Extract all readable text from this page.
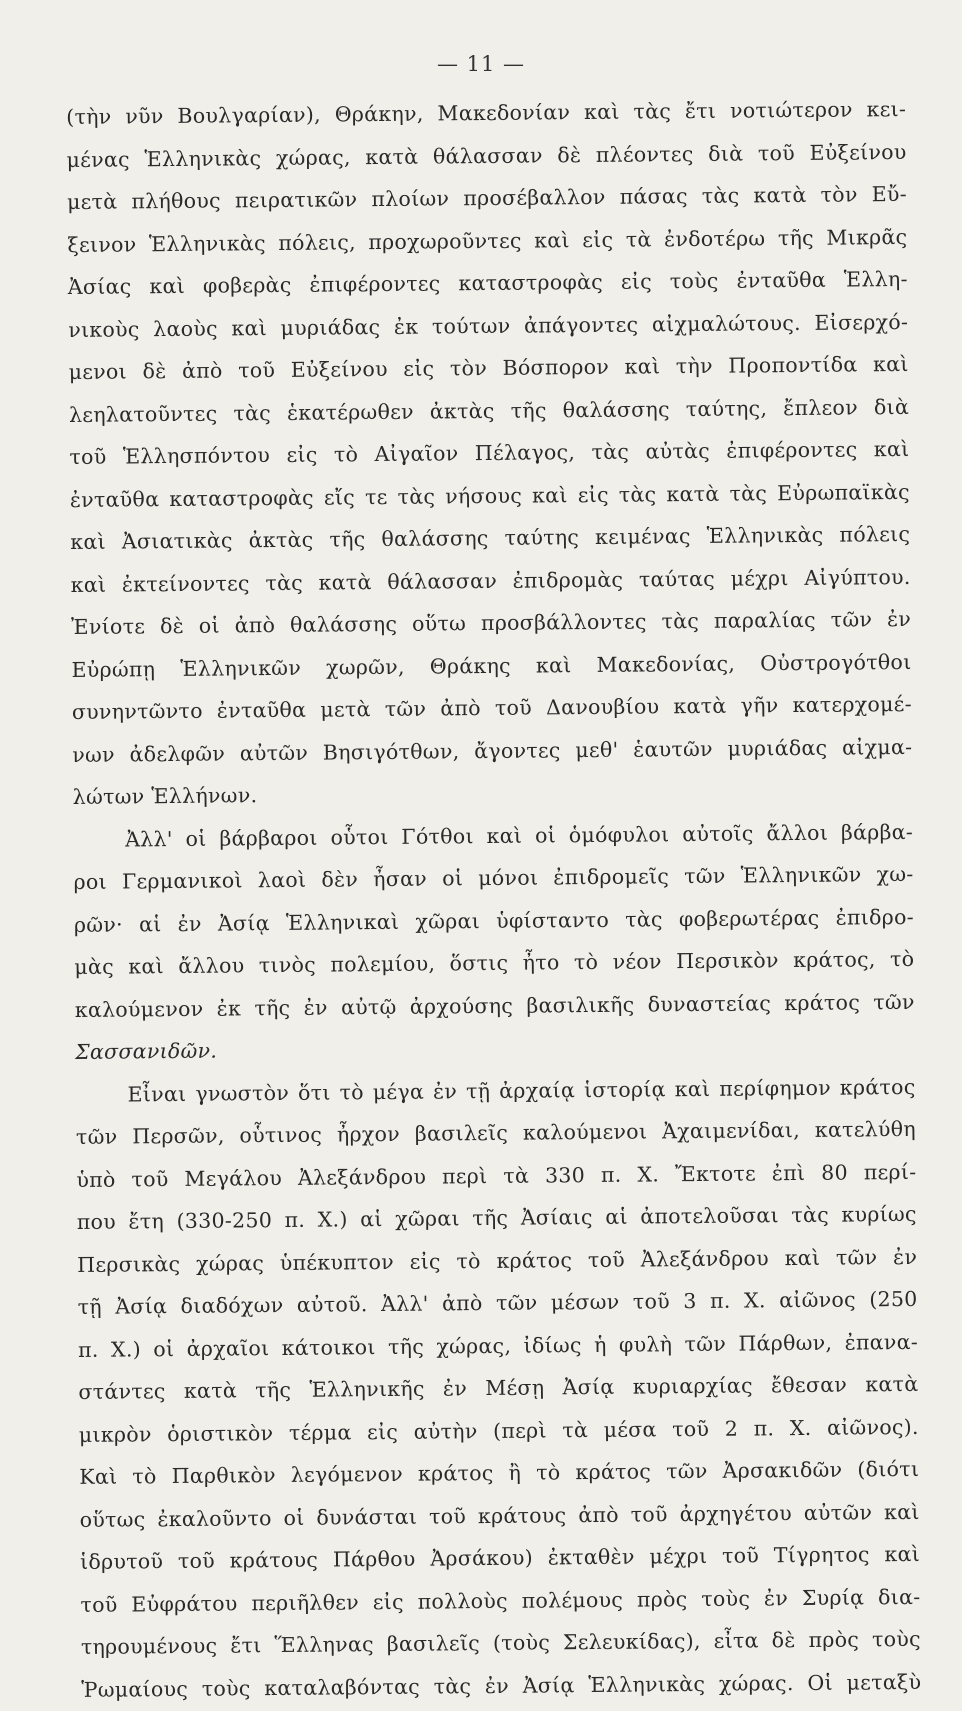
— 11 —
(τὴν νῦν Βουλγαρίαν), Θράκην, Μακεδονίαν καὶ τὰς ἔτι νοτιώτερον κει-
μένας Ἑλληνικὰς χώρας, κατὰ θάλασσαν δὲ πλέοντες διὰ τοῦ Εὐξείνου
μετὰ πλήθους πειρατικῶν πλοίων προσέβαλλον πάσας τὰς κατὰ τὸν Εὔ-
ξεινον Ἑλληνικὰς πόλεις, προχωροῦντες καὶ εἰς τὰ ἐνδοτέρω τῆς Μικρᾶς
Ἀσίας καὶ φοβερὰς ἐπιφέροντες καταστροφὰς εἰς τοὺς ἐνταῦθα Ἑλλη-
νικοὺς λαοὺς καὶ μυριάδας ἐκ τούτων ἀπάγοντες αἰχμαλώτους. Εἰσερχό-
μενοι δὲ ἀπὸ τοῦ Εὐξείνου εἰς τὸν Βόσπορον καὶ τὴν Προποντίδα καὶ
λεηλατοῦντες τὰς ἑκατέρωθεν ἀκτὰς τῆς θαλάσσης ταύτης, ἔπλεον διὰ
τοῦ Ἑλλησπόντου εἰς τὸ Αἰγαῖον Πέλαγος, τὰς αὐτὰς ἐπιφέροντες καὶ
ἐνταῦθα καταστροφὰς εἴς τε τὰς νήσους καὶ εἰς τὰς κατὰ τὰς Εὐρωπαϊκὰς
καὶ Ἀσιατικὰς ἀκτὰς τῆς θαλάσσης ταύτης κειμένας Ἑλληνικὰς πόλεις
καὶ ἐκτείνοντες τὰς κατὰ θάλασσαν ἐπιδρομὰς ταύτας μέχρι Αἰγύπτου.
Ἐνίοτε δὲ οἱ ἀπὸ θαλάσσης οὕτω προσβάλλοντες τὰς παραλίας τῶν ἐν
Εὐρώπῃ Ἑλληνικῶν χωρῶν, Θράκης καὶ Μακεδονίας, Οὐστρογότθοι
συνηντῶντο ἐνταῦθα μετὰ τῶν ἀπὸ τοῦ Δανουβίου κατὰ γῆν κατερχομέ-
νων ἀδελφῶν αὐτῶν Βησιγότθων, ἄγοντες μεθ' ἑαυτῶν μυριάδας αἰχμα-
λώτων Ἑλλήνων.
Ἀλλ' οἱ βάρβαροι οὗτοι Γότθοι καὶ οἱ ὁμόφυλοι αὐτοῖς ἄλλοι βάρβα-
ροι Γερμανικοὶ λαοὶ δὲν ἦσαν οἱ μόνοι ἐπιδρομεῖς τῶν Ἑλληνικῶν χω-
ρῶν· αἱ ἐν Ἀσίᾳ Ἑλληνικαὶ χῶραι ὑφίσταντο τὰς φοβερωτέρας ἐπιδρο-
μὰς καὶ ἄλλου τινὸς πολεμίου, ὅστις ἦτο τὸ νέον Περσικὸν κράτος, τὸ
καλούμενον ἐκ τῆς ἐν αὐτῷ ἀρχούσης βασιλικῆς δυναστείας κράτος τῶν
Σασσανιδῶν.
Εἶναι γνωστὸν ὅτι τὸ μέγα ἐν τῇ ἀρχαίᾳ ἱστορίᾳ καὶ περίφημον κράτος
τῶν Περσῶν, οὗτινος ἦρχον βασιλεῖς καλούμενοι Ἀχαιμενίδαι, κατελύθη
ὑπὸ τοῦ Μεγάλου Ἀλεξάνδρου περὶ τὰ 330 π. Χ. Ἔκτοτε ἐπὶ 80 περί-
που ἔτη (330-250 π. Χ.) αἱ χῶραι τῆς Ἀσίαις αἱ ἀποτελοῦσαι τὰς κυρίως
Περσικὰς χώρας ὑπέκυπτον εἰς τὸ κράτος τοῦ Ἀλεξάνδρου καὶ τῶν ἐν
τῇ Ἀσίᾳ διαδόχων αὐτοῦ. Ἀλλ' ἀπὸ τῶν μέσων τοῦ 3 π. Χ. αἰῶνος (250
π. Χ.) οἱ ἀρχαῖοι κάτοικοι τῆς χώρας, ἰδίως ἡ φυλὴ τῶν Πάρθων, ἐπανα-
στάντες κατὰ τῆς Ἑλληνικῆς ἐν Μέσῃ Ἀσίᾳ κυριαρχίας ἔθεσαν κατὰ
μικρὸν ὁριστικὸν τέρμα εἰς αὐτὴν (περὶ τὰ μέσα τοῦ 2 π. Χ. αἰῶνος).
Καὶ τὸ Παρθικὸν λεγόμενον κράτος ἢ τὸ κράτος τῶν Ἀρσακιδῶν (διότι
οὕτως ἐκαλοῦντο οἱ δυνάσται τοῦ κράτους ἀπὸ τοῦ ἀρχηγέτου αὐτῶν καὶ
ἱδρυτοῦ τοῦ κράτους Πάρθου Ἀρσάκου) ἐκταθὲν μέχρι τοῦ Τίγρητος καὶ
τοῦ Εὐφράτου περιῆλθεν εἰς πολλοὺς πολέμους πρὸς τοὺς ἐν Συρίᾳ δια-
τηρουμένους ἔτι Ἕλληνας βασιλεῖς (τοὺς Σελευκίδας), εἶτα δὲ πρὸς τοὺς
Ῥωμαίους τοὺς καταλαβόντας τὰς ἐν Ἀσίᾳ Ἑλληνικὰς χώρας. Οἱ μεταξὺ
